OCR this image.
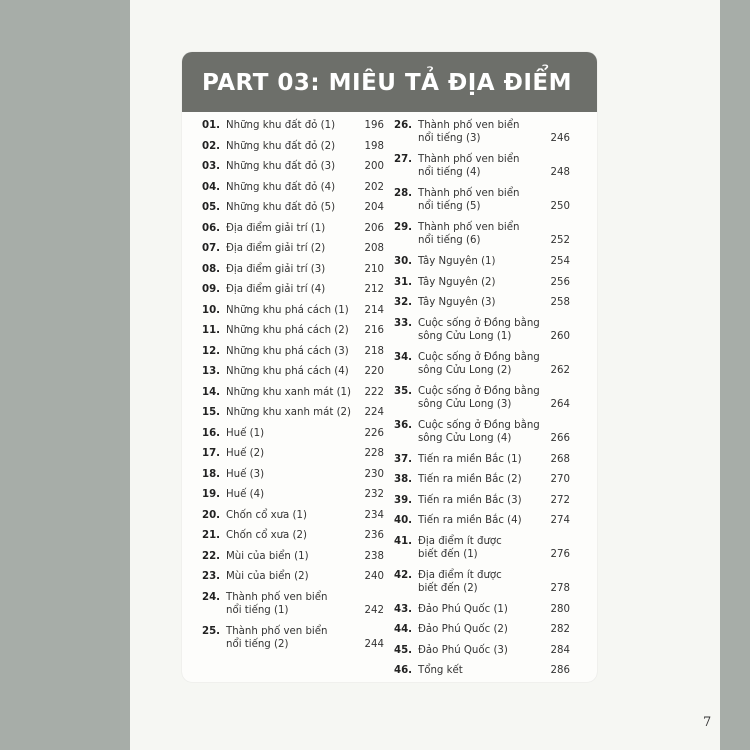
PART 03: MIÊU TẢ ĐỊA ĐIỂM
01. Những khu đất đỏ (1)	196
02. Những khu đất đỏ (2)	198
03. Những khu đất đỏ (3)	200
04. Những khu đất đỏ (4)	202
05. Những khu đất đỏ (5)	204
06. Địa điểm giải trí (1)	206
07. Địa điểm giải trí (2)	208
08. Địa điểm giải trí (3)	210
09. Địa điểm giải trí (4)	212
10. Những khu phá cách (1)	214
11. Những khu phá cách (2)	216
12. Những khu phá cách (3)	218
13. Những khu phá cách (4)	220
14. Những khu xanh mát (1)	222
15. Những khu xanh mát (2)	224
16. Huế (1)	226
17. Huế (2)	228
18. Huế (3)	230
19. Huế (4)	232
20. Chốn cổ xưa (1)	234
21. Chốn cổ xưa (2)	236
22. Mùi của biển (1)	238
23. Mùi của biển (2)	240
24. Thành phố ven biển
nổi tiếng (1)	242
25. Thành phố ven biển
nổi tiếng (2)	244
26. Thành phố ven biển
nổi tiếng (3)	246
27. Thành phố ven biển
nổi tiếng (4)	248
28. Thành phố ven biển
nổi tiếng (5)	250
29. Thành phố ven biển
nổi tiếng (6)	252
30. Tây Nguyên (1)	254
31. Tây Nguyên (2)	256
32. Tây Nguyên (3)	258
33. Cuộc sống ở Đồng bằng
sông Cửu Long (1)	260
34. Cuộc sống ở Đồng bằng
sông Cửu Long (2)	262
35. Cuộc sống ở Đồng bằng
sông Cửu Long (3)	264
36. Cuộc sống ở Đồng bằng
sông Cửu Long (4)	266
37. Tiến ra miền Bắc (1)	268
38. Tiến ra miền Bắc (2)	270
39. Tiến ra miền Bắc (3)	272
40. Tiến ra miền Bắc (4)	274
41. Địa điểm ít được
biết đến (1)	276
42. Địa điểm ít được
biết đến (2)	278
43. Đảo Phú Quốc (1)	280
44. Đảo Phú Quốc (2)	282
45. Đảo Phú Quốc (3)	284
46. Tổng kết	286
7
